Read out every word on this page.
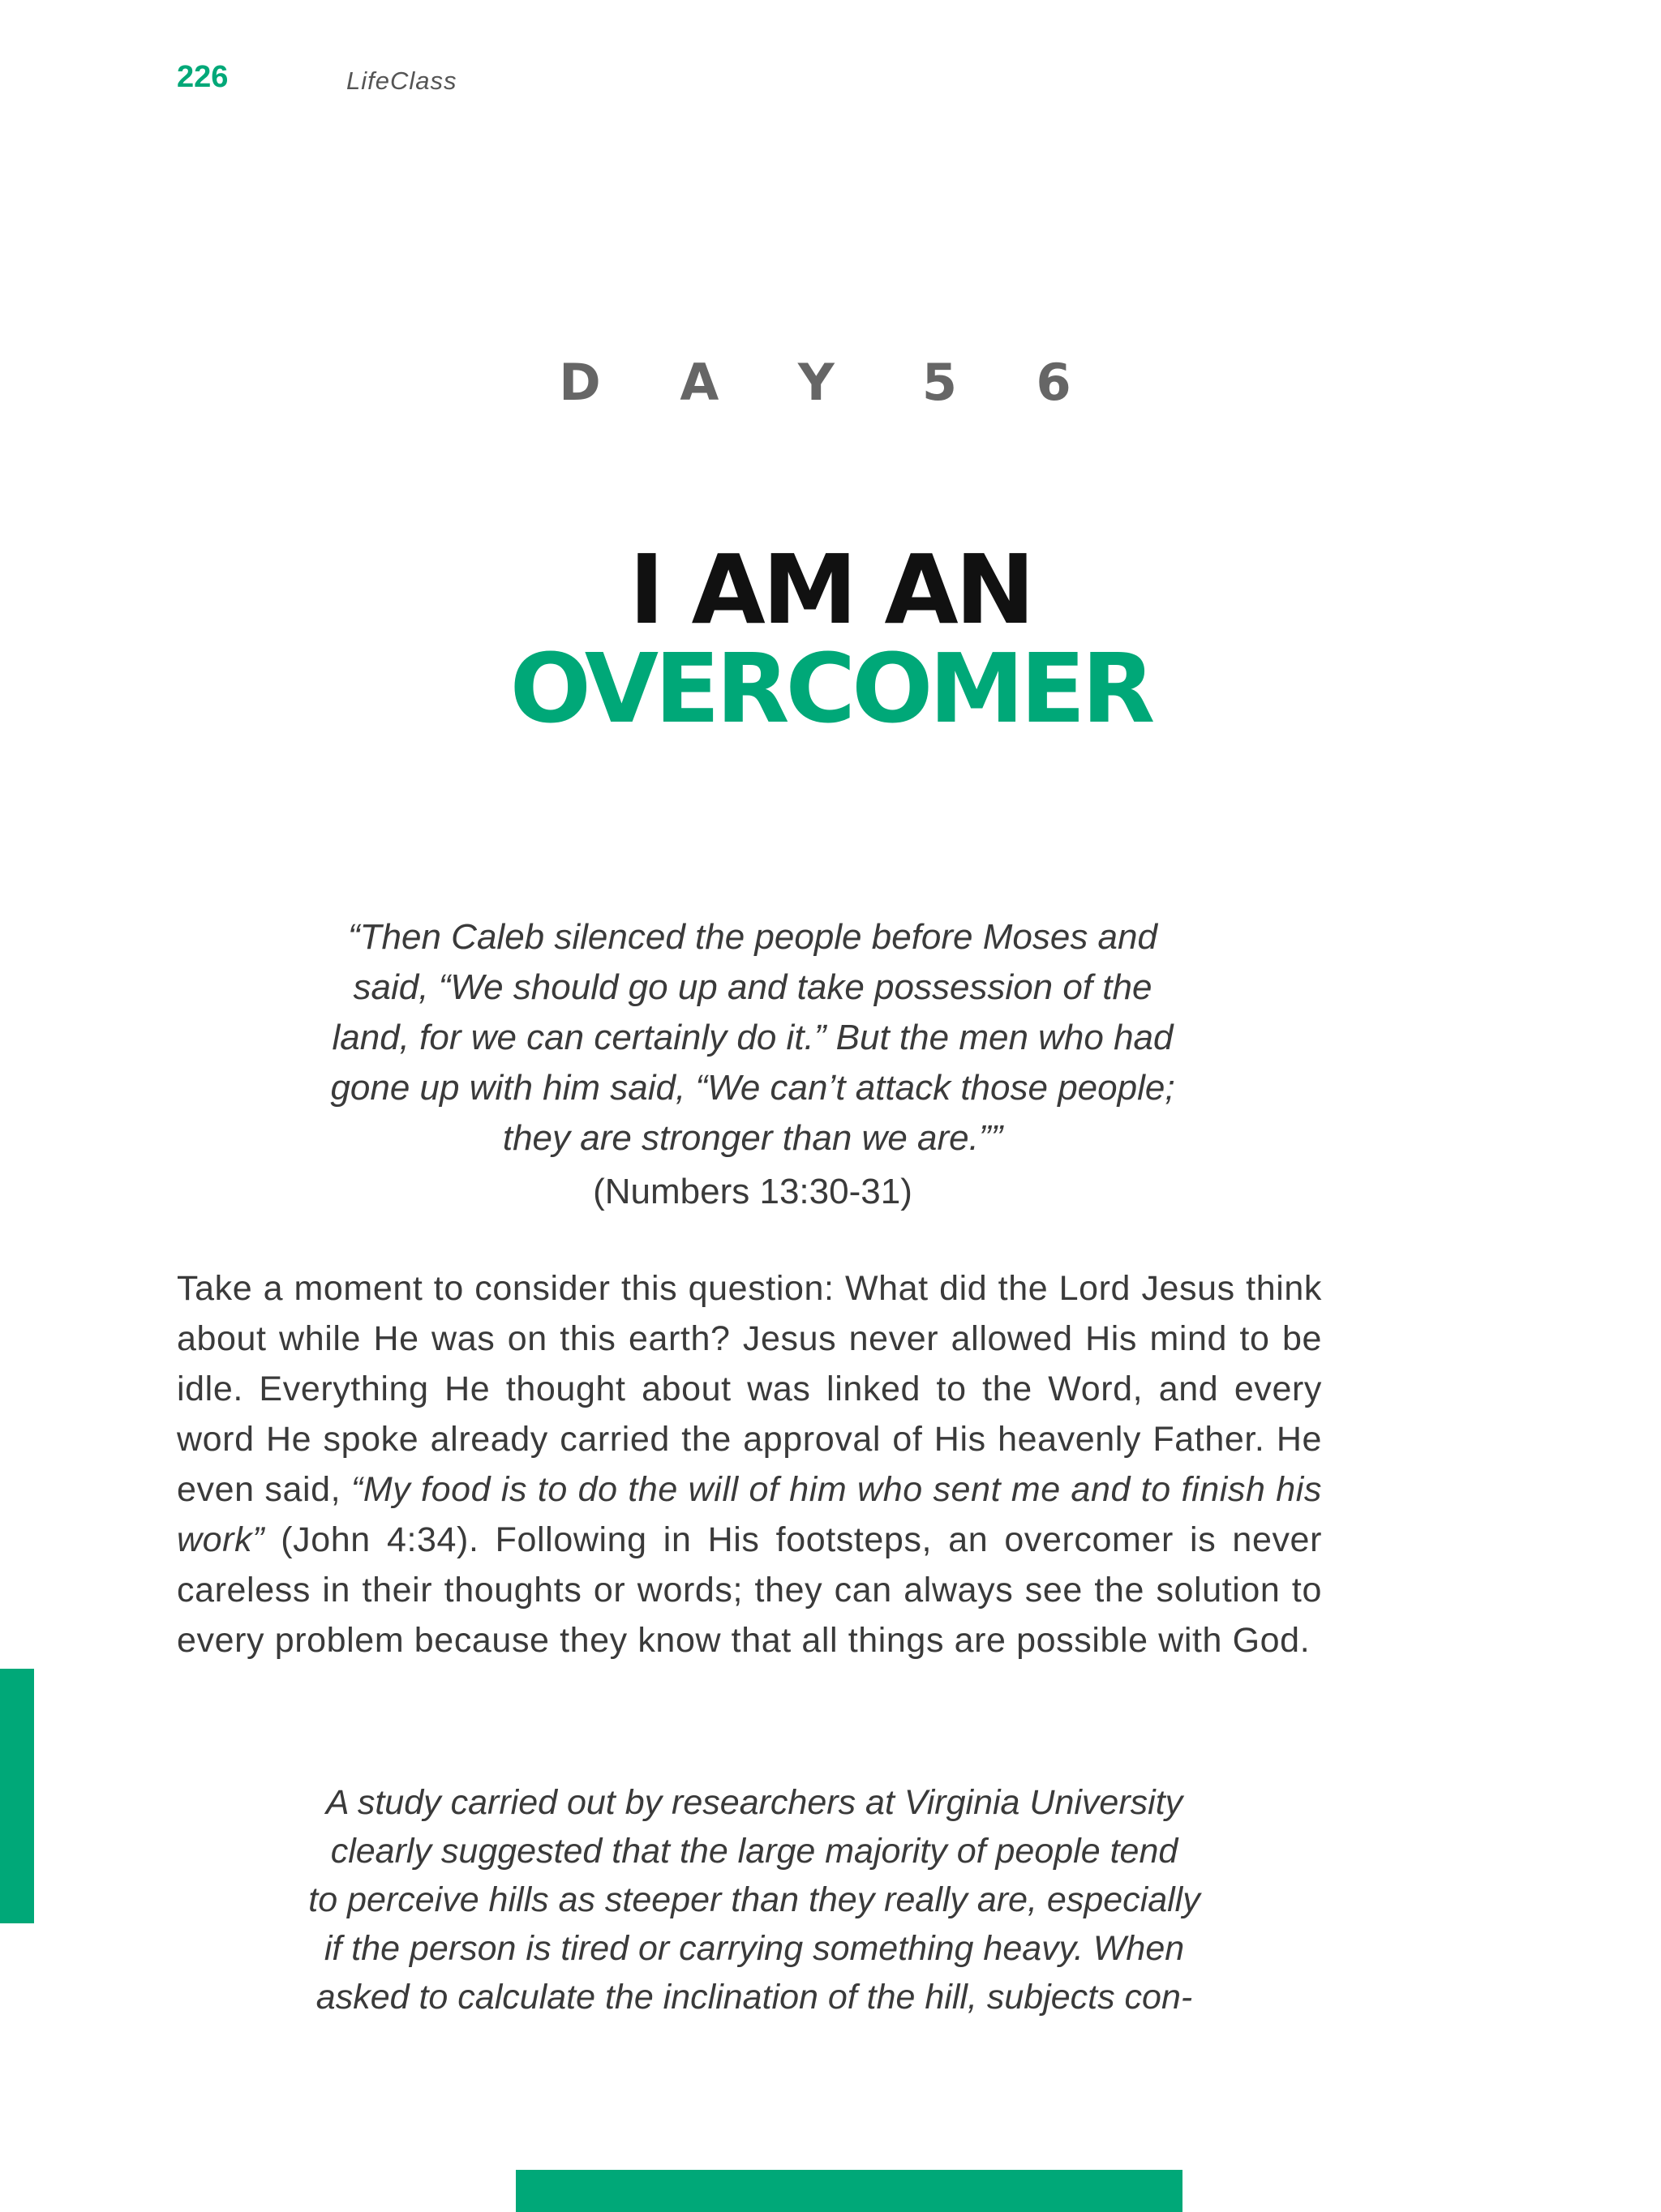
226	LifeClass
D A Y 5 6
I AM AN
OVERCOMER
“Then Caleb silenced the people before Moses and
said, “We should go up and take possession of the
land, for we can certainly do it.” But the men who had
gone up with him said, “We can’t attack those people;
they are stronger than we are.””
(Numbers 13:30-31)
Take a moment to consider this question: What did the Lord Jesus think about while He was on this earth? Jesus never allowed His mind to be idle. Everything He thought about was linked to the Word, and every word He spoke already carried the approval of His heavenly Father. He even said, “My food is to do the will of him who sent me and to finish his work” (John 4:34). Following in His footsteps, an overcomer is never careless in their thoughts or words; they can always see the solution to every problem because they know that all things are possible with God.
A study carried out by researchers at Virginia University
clearly suggested that the large majority of people tend
to perceive hills as steeper than they really are, especially
if the person is tired or carrying something heavy. When
asked to calculate the inclination of the hill, subjects con-
